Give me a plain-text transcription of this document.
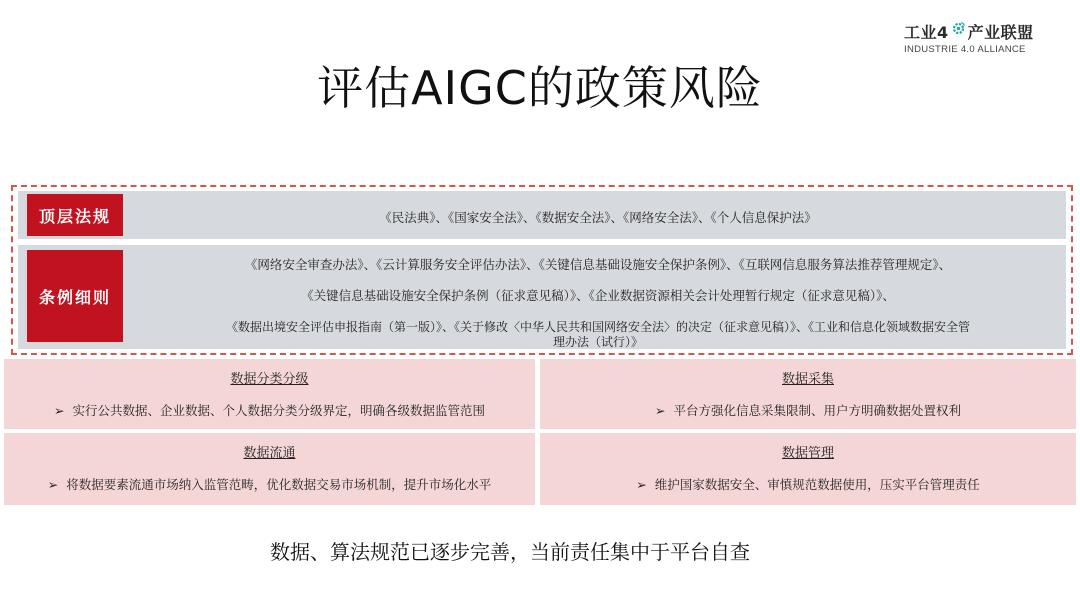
工业4 产业联盟
INDUSTRIE 4.0 ALLIANCE
评估AIGC的政策风险
顶层法规	《民法典》、《国家安全法》、《数据安全法》、《网络安全法》、《个人信息保护法》
条例细则
《网络安全审查办法》、《云计算服务安全评估办法》、《关键信息基础设施安全保护条例》、《互联网信息服务算法推荐管理规定》、
《关键信息基础设施安全保护条例（征求意见稿）》、《企业数据资源相关会计处理暂行规定（征求意见稿）》、
《数据出境安全评估申报指南（第一版）》、《关于修改〈中华人民共和国网络安全法〉的决定（征求意见稿）》、《工业和信息化领域数据安全管
理办法（试行）》
数据分类分级
➢ 实行公共数据、企业数据、个人数据分类分级界定，明确各级数据监管范围
数据采集
➢ 平台方强化信息采集限制、用户方明确数据处置权利
数据流通
➢ 将数据要素流通市场纳入监管范畴，优化数据交易市场机制，提升市场化水平
数据管理
➢ 维护国家数据安全、审慎规范数据使用，压实平台管理责任
数据、算法规范已逐步完善，当前责任集中于平台自查
